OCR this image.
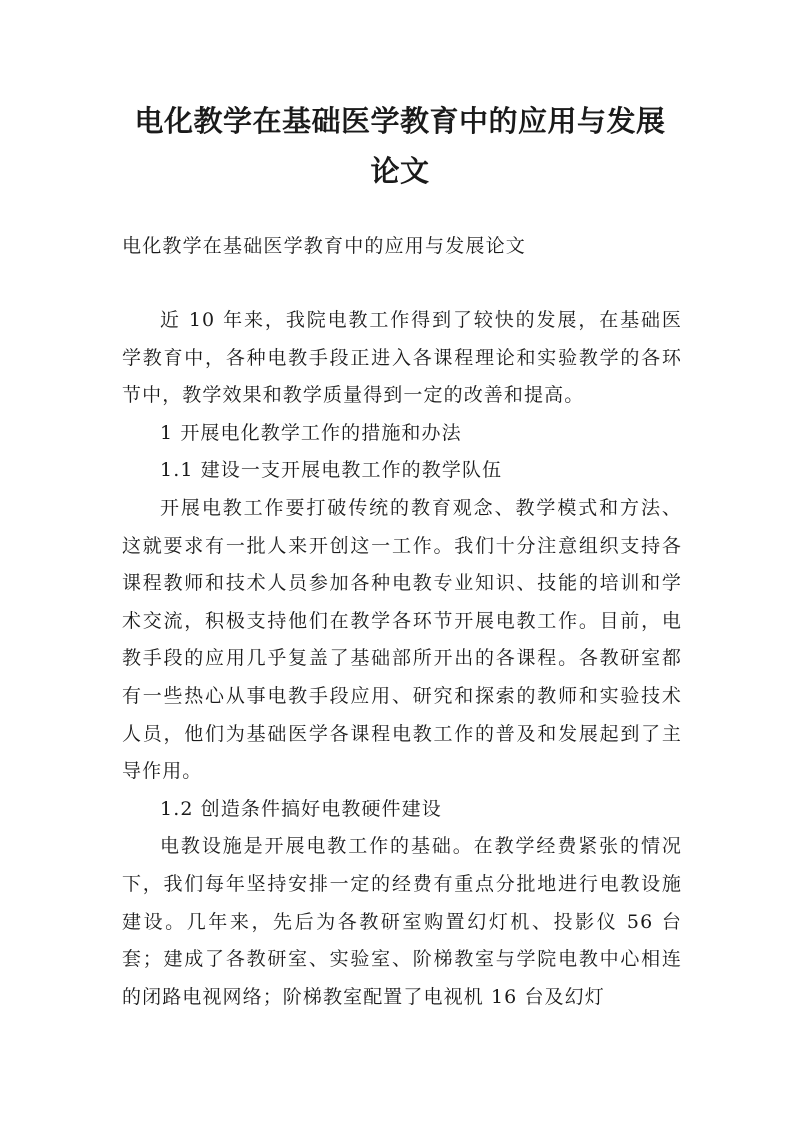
电化教学在基础医学教育中的应用与发展
论文

电化教学在基础医学教育中的应用与发展论文

近 10 年来，我院电教工作得到了较快的发展，在基础医学教育中，各种电教手段正进入各课程理论和实验教学的各环节中，教学效果和教学质量得到一定的改善和提高。

1 开展电化教学工作的措施和办法

1.1 建设一支开展电教工作的教学队伍

开展电教工作要打破传统的教育观念、教学模式和方法、这就要求有一批人来开创这一工作。我们十分注意组织支持各课程教师和技术人员参加各种电教专业知识、技能的培训和学术交流，积极支持他们在教学各环节开展电教工作。目前，电教手段的应用几乎复盖了基础部所开出的各课程。各教研室都有一些热心从事电教手段应用、研究和探索的教师和实验技术人员，他们为基础医学各课程电教工作的普及和发展起到了主导作用。

1.2 创造条件搞好电教硬件建设

电教设施是开展电教工作的基础。在教学经费紧张的情况下，我们每年坚持安排一定的经费有重点分批地进行电教设施建设。几年来，先后为各教研室购置幻灯机、投影仪 56 台套；建成了各教研室、实验室、阶梯教室与学院电教中心相连的闭路电视网络；阶梯教室配置了电视机 16 台及幻灯
